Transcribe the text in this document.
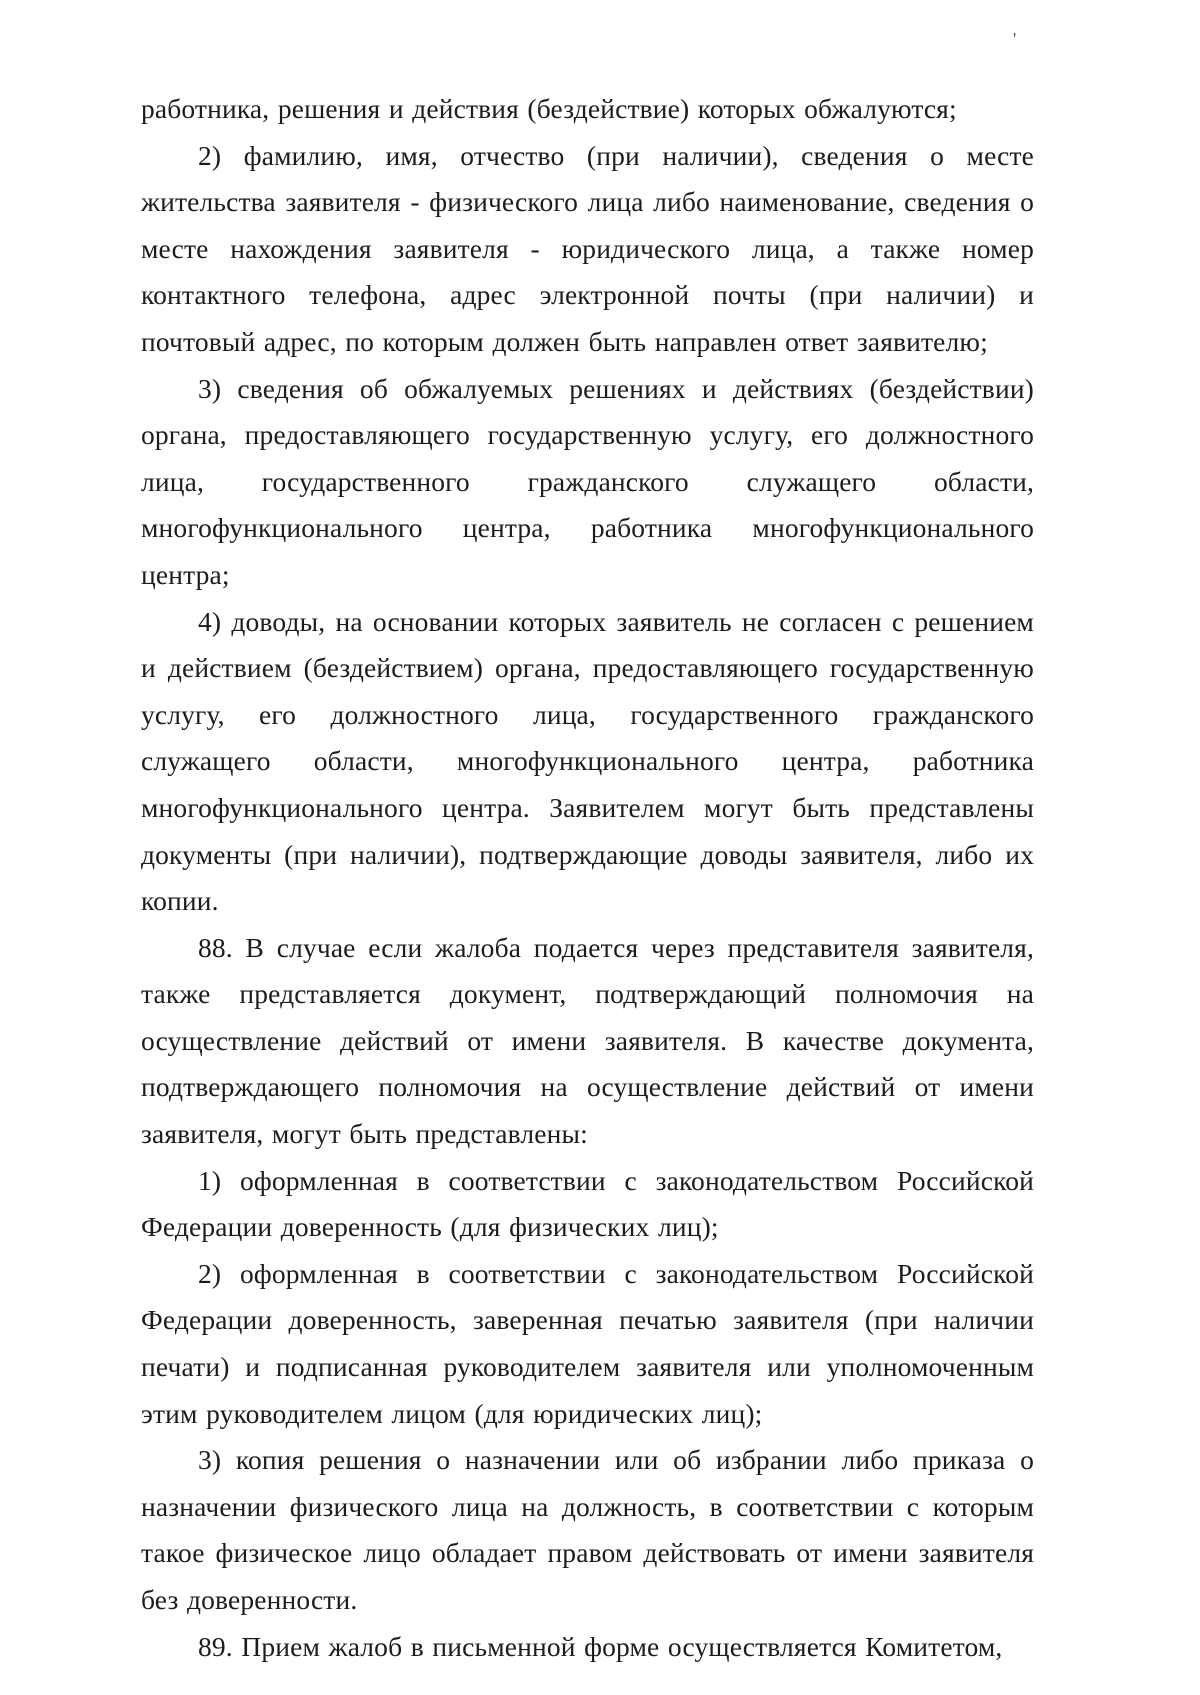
'

работника, решения и действия (бездействие) которых обжалуются;

2) фамилию, имя, отчество (при наличии), сведения о месте жительства заявителя - физического лица либо наименование, сведения о месте нахождения заявителя - юридического лица, а также номер контактного телефона, адрес электронной почты (при наличии) и почтовый адрес, по которым должен быть направлен ответ заявителю;

3) сведения об обжалуемых решениях и действиях (бездействии) органа, предоставляющего государственную услугу, его должностного лица, государственного гражданского служащего области, многофункционального центра, работника многофункционального центра;

4) доводы, на основании которых заявитель не согласен с решением и действием (бездействием) органа, предоставляющего государственную услугу, его должностного лица, государственного гражданского служащего области, многофункционального центра, работника многофункционального центра. Заявителем могут быть представлены документы (при наличии), подтверждающие доводы заявителя, либо их копии.

88. В случае если жалоба подается через представителя заявителя, также представляется документ, подтверждающий полномочия на осуществление действий от имени заявителя. В качестве документа, подтверждающего полномочия на осуществление действий от имени заявителя, могут быть представлены:

1) оформленная в соответствии с законодательством Российской Федерации доверенность (для физических лиц);

2) оформленная в соответствии с законодательством Российской Федерации доверенность, заверенная печатью заявителя (при наличии печати) и подписанная руководителем заявителя или уполномоченным этим руководителем лицом (для юридических лиц);

3) копия решения о назначении или об избрании либо приказа о назначении физического лица на должность, в соответствии с которым такое физическое лицо обладает правом действовать от имени заявителя без доверенности.

89. Прием жалоб в письменной форме осуществляется Комитетом,
